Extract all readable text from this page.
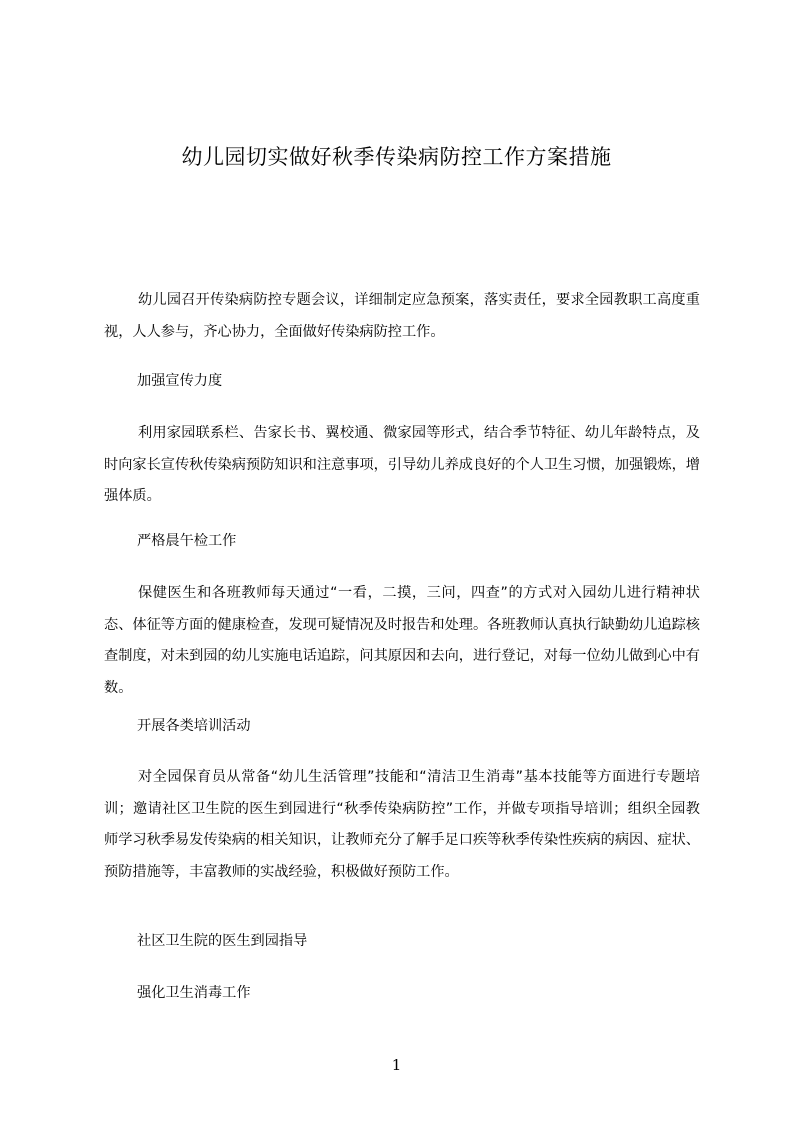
幼儿园切实做好秋季传染病防控工作方案措施
幼儿园召开传染病防控专题会议，详细制定应急预案，落实责任，要求全园教职工高度重视，人人参与，齐心协力，全面做好传染病防控工作。
加强宣传力度
利用家园联系栏、告家长书、翼校通、微家园等形式，结合季节特征、幼儿年龄特点，及时向家长宣传秋传染病预防知识和注意事项，引导幼儿养成良好的个人卫生习惯，加强锻炼，增强体质。
严格晨午检工作
保健医生和各班教师每天通过“一看，二摸，三问，四查”的方式对入园幼儿进行精神状态、体征等方面的健康检查，发现可疑情况及时报告和处理。各班教师认真执行缺勤幼儿追踪核查制度，对未到园的幼儿实施电话追踪，问其原因和去向，进行登记，对每一位幼儿做到心中有数。
开展各类培训活动
对全园保育员从常备“幼儿生活管理”技能和“清洁卫生消毒”基本技能等方面进行专题培训；邀请社区卫生院的医生到园进行“秋季传染病防控”工作，并做专项指导培训；组织全园教师学习秋季易发传染病的相关知识，让教师充分了解手足口疾等秋季传染性疾病的病因、症状、预防措施等，丰富教师的实战经验，积极做好预防工作。
社区卫生院的医生到园指导
强化卫生消毒工作
1
